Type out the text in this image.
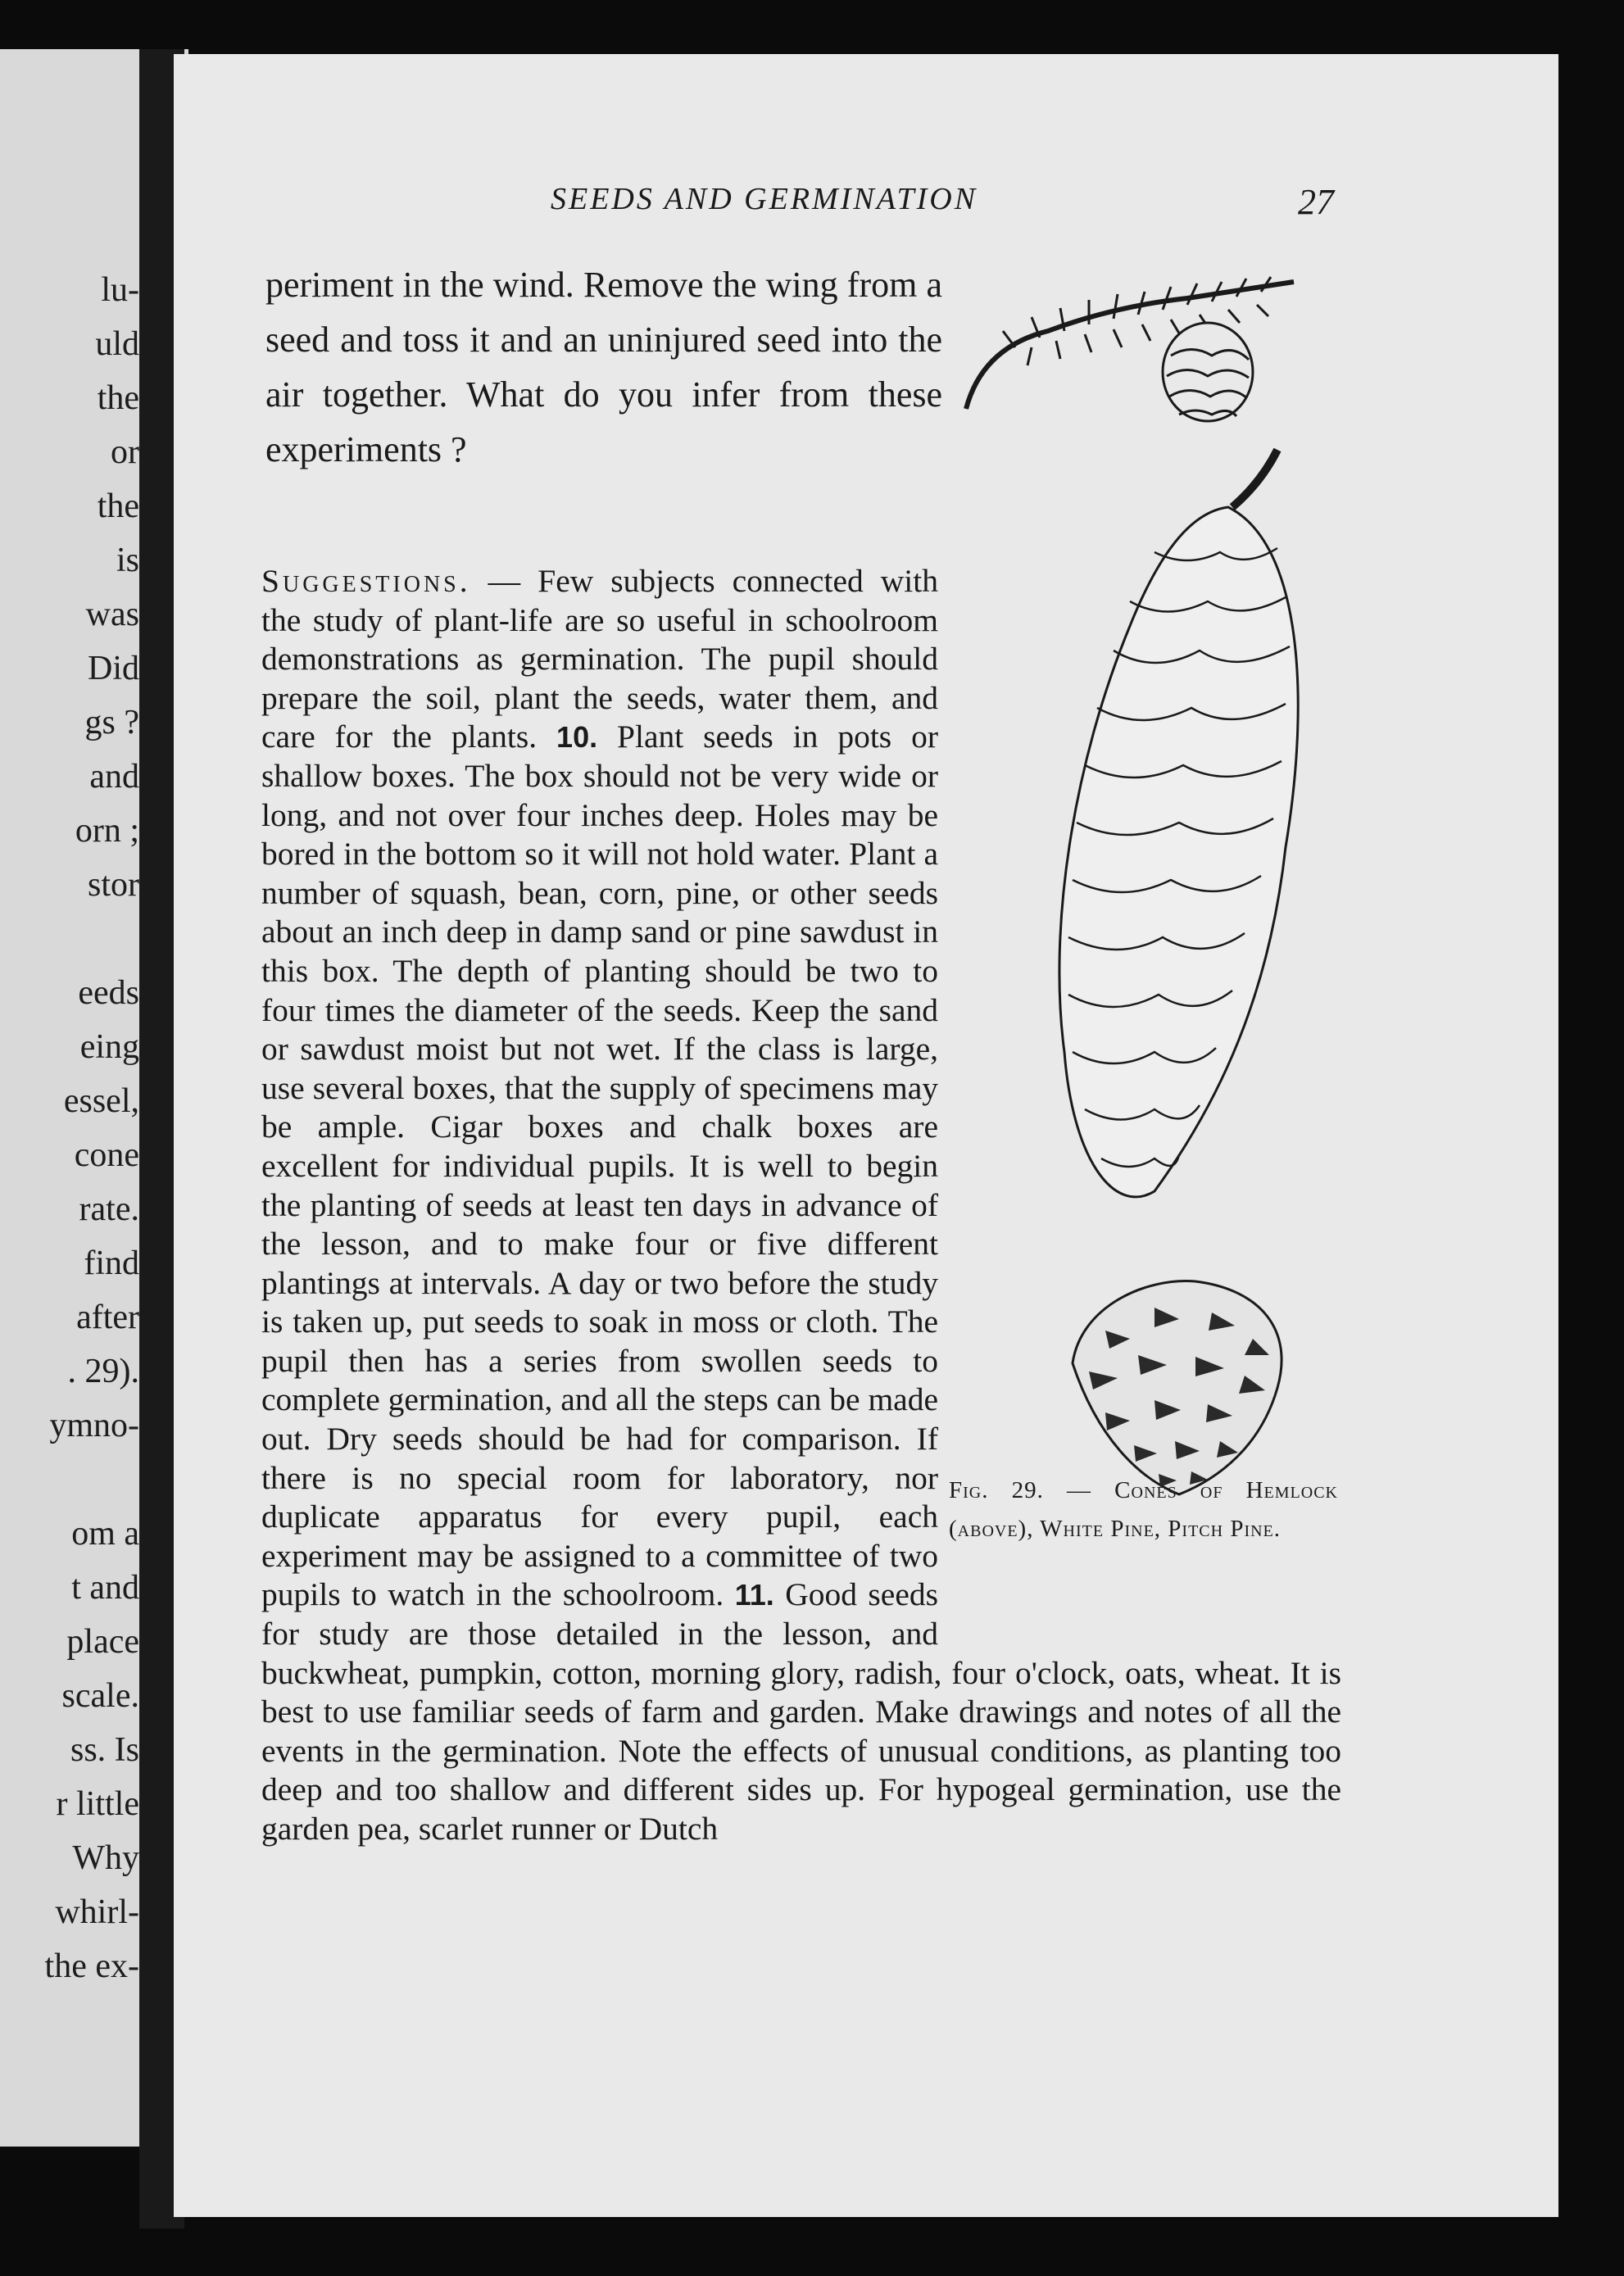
lu-
uld
the
or
the
is
was
Did
gs ?
and
orn ;
stor
eeds
eing
essel,
cone
rate.
find
after
. 29).
ymno-
om a
t and
place
scale.
ss. Is
r little
Why
whirl-
the ex-
SEEDS AND GERMINATION	27

periment in the wind. Remove the wing from a seed and toss it and an uninjured seed into the air together. What do you infer from these experiments ?

Suggestions. — Few subjects connected with the study of plant-life are so useful in schoolroom demonstrations as germination. The pupil should prepare the soil, plant the seeds, water them, and care for the plants. 10. Plant seeds in pots or shallow boxes. The box should not be very wide or long, and not over four inches deep. Holes may be bored in the bottom so it will not hold water. Plant a number of squash, bean, corn, pine, or other seeds about an inch deep in damp sand or pine sawdust in this box. The depth of planting should be two to four times the diameter of the seeds. Keep the sand or sawdust moist but not wet. If the class is large, use several boxes, that the supply of specimens may be ample. Cigar boxes and chalk boxes are excellent for individual pupils. It is well to begin the planting of seeds at least ten days in advance of the lesson, and to make four or five different plantings at intervals. A day or two before the study is taken up, put seeds to soak in moss or cloth. The pupil then has a series from swollen seeds to complete germination, and all the steps can be made out. Dry seeds should be had for comparison. If there is no special room for laboratory, nor duplicate apparatus for every pupil, each experiment may be assigned to a committee of two pupils to watch in the schoolroom. 11. Good seeds for study are those detailed in the lesson, and buckwheat, pumpkin, cotton, morning glory, radish, four o'clock, oats, wheat. It is best to use familiar seeds of farm and garden. Make drawings and notes of all the events in the germination. Note the effects of unusual conditions, as planting too deep and too shallow and different sides up. For hypogeal germination, use the garden pea, scarlet runner or Dutch
Fig. 29. — Cones of Hemlock (above), White Pine, Pitch Pine.
